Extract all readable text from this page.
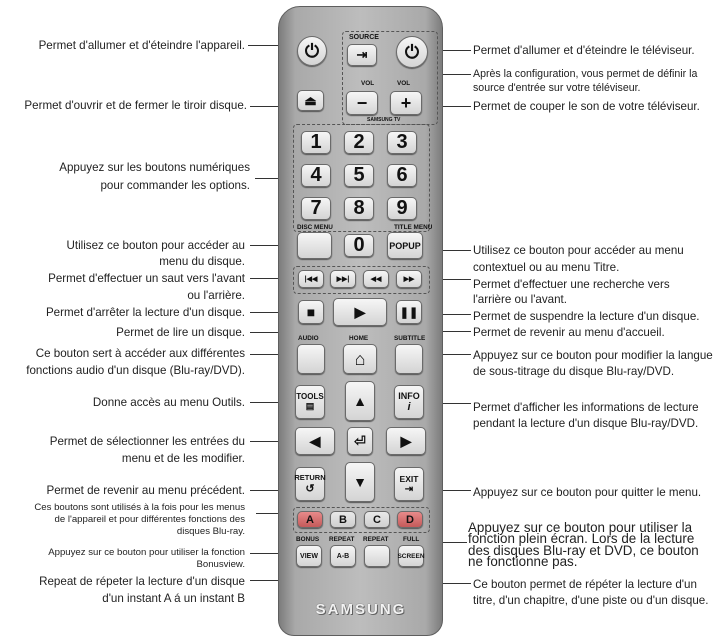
Permet d'allumer et d'éteindre l'appareil.
Permet d'ouvrir et de fermer le tiroir disque.
Appuyez sur les boutons numériques
pour commander les options.
Utilisez ce bouton pour accéder au
menu du disque.
Permet d'effectuer un saut vers l'avant
ou l'arrière.
Permet d'arrêter la lecture d'un disque.
Permet de lire un disque.
Ce bouton sert à accéder aux différentes
fonctions audio d'un disque (Blu-ray/DVD).
Donne accès au menu Outils.
Permet de sélectionner les entrées du
menu et de les modifier.
Permet de revenir au menu précédent.
Ces boutons sont utilisés à la fois pour les menus
de l'appareil et pour différentes fonctions des
disques Blu-ray.
Appuyez sur ce bouton pour utiliser la fonction
Bonusview.
Repeat de répeter la lecture d'un disque
d'un instant A á un instant B
Permet d'allumer et d'éteindre le téléviseur.
Après la configuration, vous permet de définir la
source d'entrée sur votre téléviseur.
Permet de couper le son de votre téléviseur.
Utilisez ce bouton pour accéder au menu
contextuel ou au menu Titre.
Permet d'effectuer une recherche vers
l'arrière ou l'avant.
Permet de suspendre la lecture d'un disque.
Permet de revenir au menu d'accueil.
Appuyez sur ce bouton pour modifier la langue
de sous-titrage du disque Blu-ray/DVD.
Permet d'afficher les informations de lecture
pendant la lecture d'un disque Blu-ray/DVD.
Appuyez sur ce bouton pour quitter le menu.
Appuyez sur ce bouton pour utiliser la
fonction plein écran. Lors de la lecture
des disques Blu-ray et DVD, ce bouton
ne fonctionne pas.
Ce bouton permet de répéter la lecture d'un
titre, d'un chapitre, d'une piste ou d'un disque.
⏻
SOURCE
⇥ ⏻
VOL	VOL
⏏ − +
SAMSUNG TV
1	2	3
4	5	6
7	8	9
DISC MENU	TITLE MENU
0	POPUP
|◀◀	▶▶|	◀◀	▶▶
■	▶	❚❚
AUDIO	HOME	SUBTITLE
⌂
TOOLS
▤	▲	INFO
i
◀ ⏎ ▶
RETURN
↺	▼	EXIT
⇥
A	B	C	D
BONUS REPEAT REPEAT FULL
VIEW	A-B	SCREEN
SAMSUNG
